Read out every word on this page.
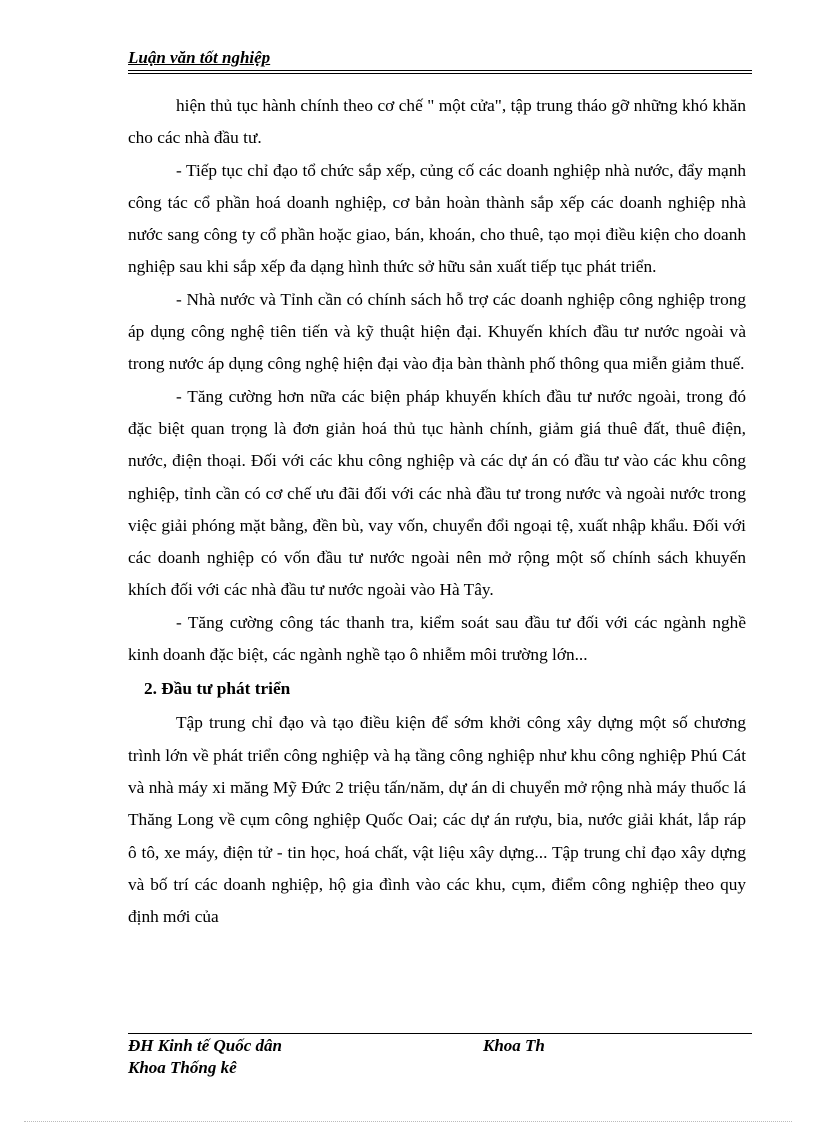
Luận văn tốt nghiệp

hiện thủ tục hành chính theo cơ chế " một cửa", tập trung tháo gỡ những khó khăn cho các nhà đầu tư.

- Tiếp tục chỉ đạo tổ chức sắp xếp, củng cố các doanh nghiệp nhà nước, đẩy mạnh công tác cổ phần hoá doanh nghiệp, cơ bản hoàn thành sắp xếp các doanh nghiệp nhà nước sang công ty cổ phần hoặc giao, bán, khoán, cho thuê, tạo mọi điều kiện cho doanh nghiệp sau khi sắp xếp đa dạng hình thức sở hữu sản xuất tiếp tục phát triển.

- Nhà nước và Tỉnh cần có chính sách hỗ trợ các doanh nghiệp công nghiệp trong áp dụng công nghệ tiên tiến và kỹ thuật hiện đại. Khuyến khích đầu tư nước ngoài và trong nước áp dụng công nghệ hiện đại vào địa bàn thành phố thông qua miễn giảm thuế.

- Tăng cường hơn nữa các biện pháp khuyến khích đầu tư nước ngoài, trong đó đặc biệt quan trọng là đơn giản hoá thủ tục hành chính, giảm giá thuê đất, thuê điện, nước, điện thoại. Đối với các khu công nghiệp và các dự án có đầu tư vào các khu công nghiệp, tỉnh cần có cơ chế ưu đãi đối với các nhà đầu tư trong nước và ngoài nước trong việc giải phóng mặt bằng, đền bù, vay vốn, chuyển đổi ngoại tệ, xuất nhập khẩu. Đối với các doanh nghiệp có vốn đầu tư nước ngoài nên mở rộng một số chính sách khuyến khích đối với các nhà đầu tư nước ngoài vào Hà Tây.

- Tăng cường công tác thanh tra, kiểm soát sau đầu tư đối với các ngành nghề kinh doanh đặc biệt, các ngành nghề tạo ô nhiễm môi trường lớn...

2. Đầu tư phát triển

Tập trung chỉ đạo và tạo điều kiện để sớm khởi công xây dựng một số chương trình lớn về phát triển công nghiệp và hạ tầng công nghiệp như khu công nghiệp Phú Cát và nhà máy xi măng Mỹ Đức 2 triệu tấn/năm, dự án di chuyển mở rộng nhà máy thuốc lá Thăng Long về cụm công nghiệp Quốc Oai; các dự án rượu, bia, nước giải khát, lắp ráp ô tô, xe máy, điện tử - tin học, hoá chất, vật liệu xây dựng... Tập trung chỉ đạo xây dựng và bố trí các doanh nghiệp, hộ gia đình vào các khu, cụm, điểm công nghiệp theo quy định mới của

ĐH Kinh tế Quốc dân	Khoa Th
Khoa Thống kê
